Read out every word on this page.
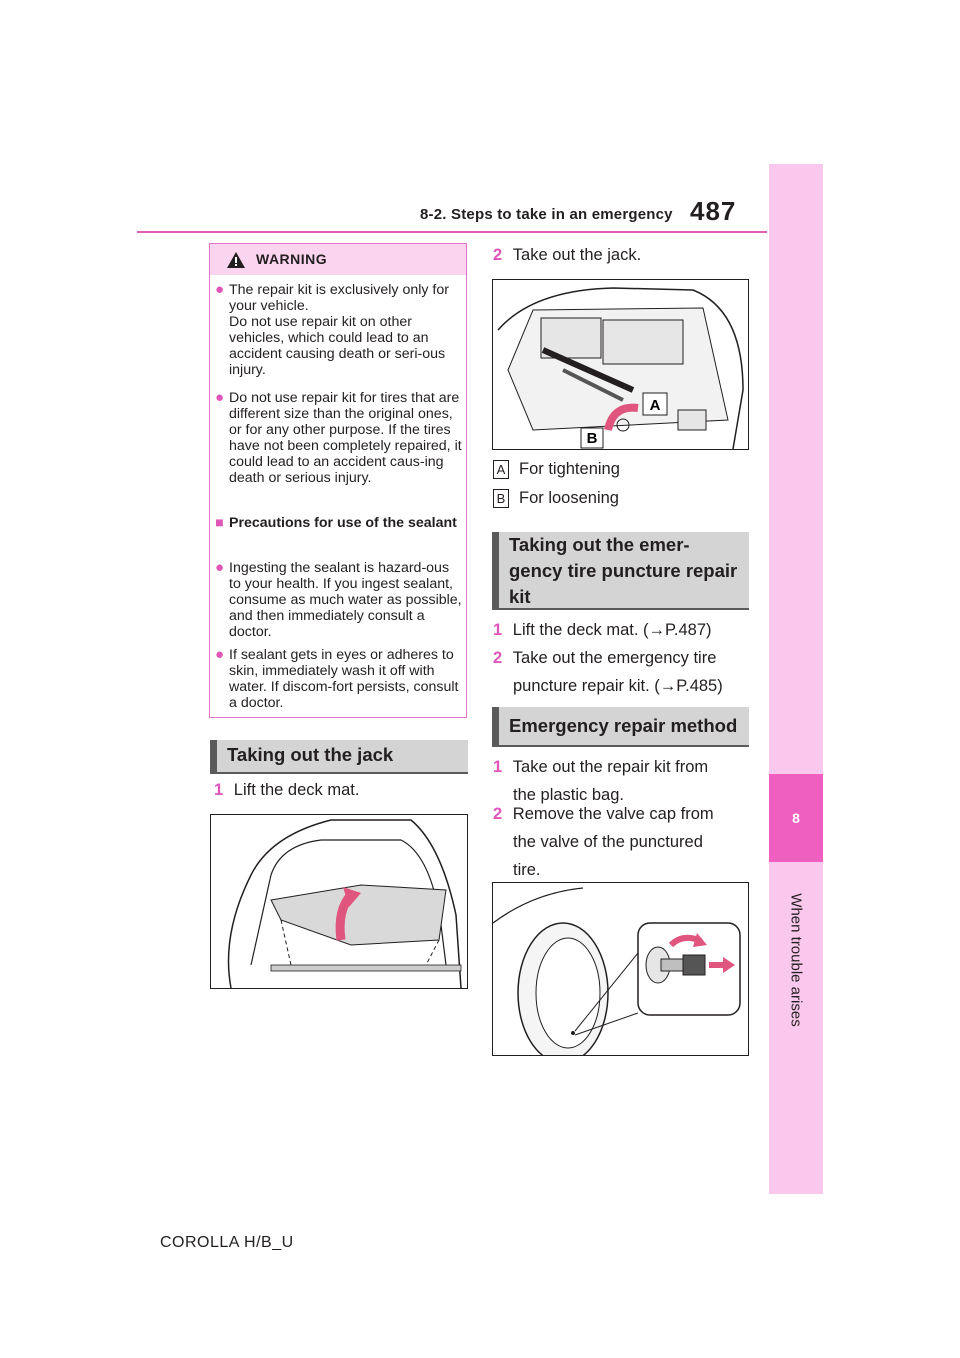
8-2. Steps to take in an emergency 487
8
When trouble arises
WARNING
● The repair kit is exclusively only for your vehicle.
Do not use repair kit on other vehicles, which could lead to an accident causing death or seri-ous injury.
● Do not use repair kit for tires that are different size than the original ones, or for any other purpose. If the tires have not been completely repaired, it could lead to an accident caus-ing death or serious injury.
■ Precautions for use of the sealant
● Ingesting the sealant is hazard-ous to your health. If you ingest sealant, consume as much water as possible, and then immediately consult a doctor.
● If sealant gets in eyes or adheres to skin, immediately wash it off with water. If discom-fort persists, consult a doctor.
Taking out the jack
1 Lift the deck mat.
2 Take out the jack.
A
B
A For tightening
B For loosening
Taking out the emer-
gency tire puncture repair
kit
1 Lift the deck mat. (→P.487)
2 Take out the emergency tire
puncture repair kit. (→P.485)
Emergency repair method
1 Take out the repair kit from
the plastic bag.
2 Remove the valve cap from
the valve of the punctured
tire.
COROLLA H/B_U
